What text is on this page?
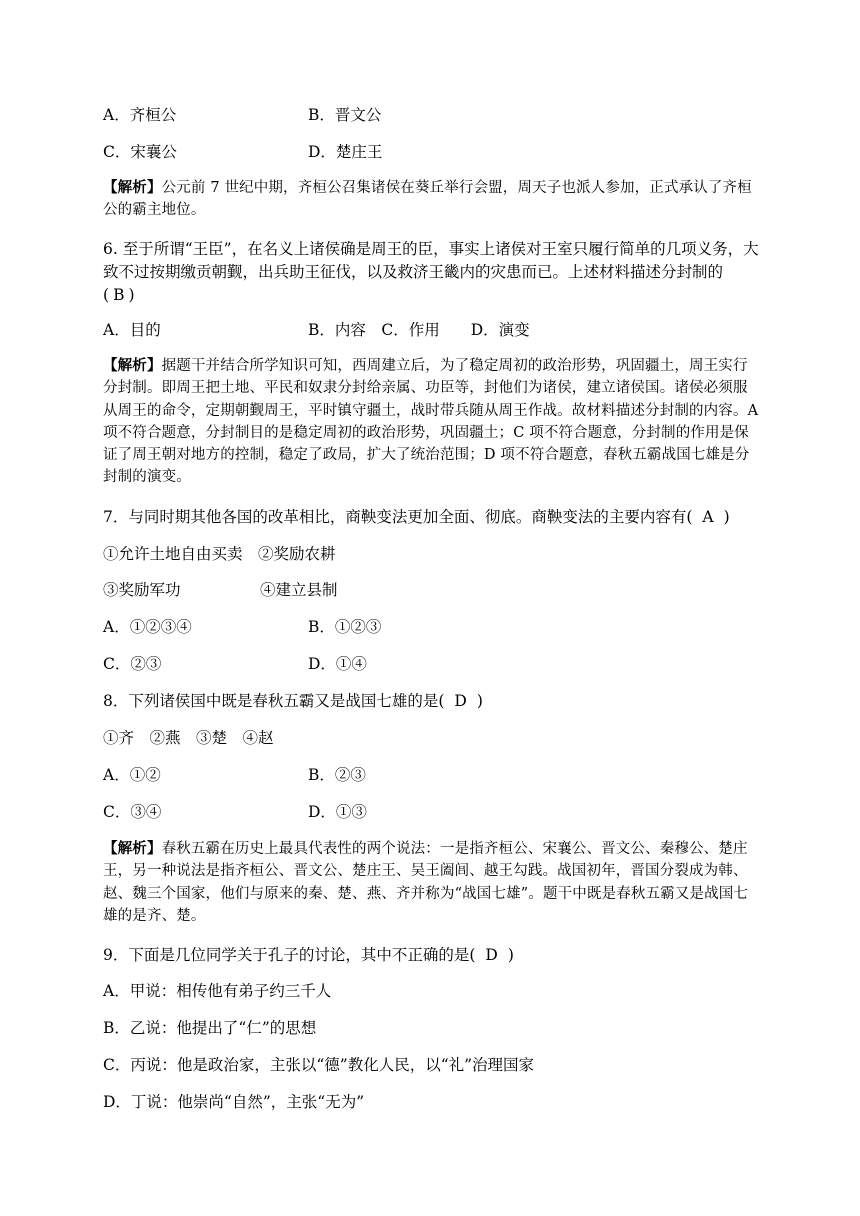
A．齐桓公	B．晋文公
C．宋襄公	D．楚庄王
【解析】公元前 7 世纪中期，齐桓公召集诸侯在葵丘举行会盟，周天子也派人参加，正式承认了齐桓公的霸主地位。
6. 至于所谓“王臣”，在名义上诸侯确是周王的臣，事实上诸侯对王室只履行简单的几项义务，大致不过按期缴贡朝觐，出兵助王征伐，以及救济王畿内的灾患而已。上述材料描述分封制的
( B )
A．目的	B．内容　C．作用　　D．演变
【解析】据题干并结合所学知识可知，西周建立后，为了稳定周初的政治形势，巩固疆土，周王实行分封制。即周王把土地、平民和奴隶分封给亲属、功臣等，封他们为诸侯，建立诸侯国。诸侯必须服从周王的命令，定期朝觐周王，平时镇守疆土，战时带兵随从周王作战。故材料描述分封制的内容。A 项不符合题意，分封制目的是稳定周初的政治形势，巩固疆土；C 项不符合题意，分封制的作用是保证了周王朝对地方的控制，稳定了政局，扩大了统治范围；D 项不符合题意，春秋五霸战国七雄是分封制的演变。
7．与同时期其他各国的改革相比，商鞅变法更加全面、彻底。商鞅变法的主要内容有( A )
①允许土地自由买卖　②奖励农耕
③奖励军功	④建立县制
A．①②③④	B．①②③
C．②③	D．①④
8．下列诸侯国中既是春秋五霸又是战国七雄的是( D )
①齐　②燕　③楚　④赵
A．①②	B．②③
C．③④	D．①③
【解析】春秋五霸在历史上最具代表性的两个说法：一是指齐桓公、宋襄公、晋文公、秦穆公、楚庄王，另一种说法是指齐桓公、晋文公、楚庄王、吴王阖闾、越王勾践。战国初年，晋国分裂成为韩、赵、魏三个国家，他们与原来的秦、楚、燕、齐并称为“战国七雄”。题干中既是春秋五霸又是战国七雄的是齐、楚。
9．下面是几位同学关于孔子的讨论，其中不正确的是( D )
A．甲说：相传他有弟子约三千人
B．乙说：他提出了“仁”的思想
C．丙说：他是政治家，主张以“德”教化人民，以“礼”治理国家
D．丁说：他崇尚“自然”，主张“无为”
